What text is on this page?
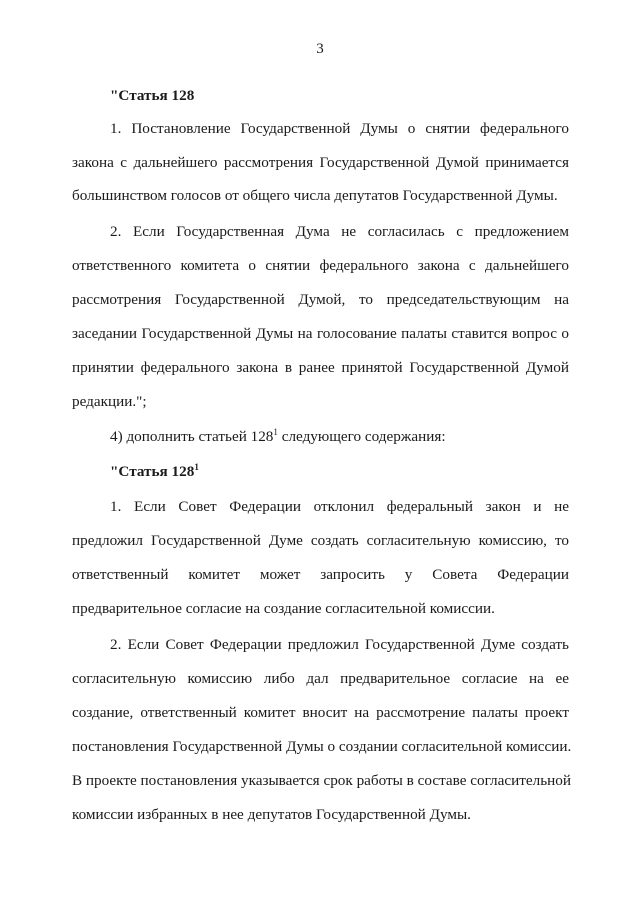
3
"Статья 128
1. Постановление Государственной Думы о снятии федерального
закона с дальнейшего рассмотрения Государственной Думой принимается
большинством голосов от общего числа депутатов Государственной Думы.
2. Если Государственная Дума не согласилась с предложением
ответственного комитета о снятии федерального закона с дальнейшего
рассмотрения Государственной Думой, то председательствующим на
заседании Государственной Думы на голосование палаты ставится вопрос о
принятии федерального закона в ранее принятой Государственной Думой
редакции.";
4) дополнить статьей $128^1$ следующего содержания:
"Статья $128^1$
1. Если Совет Федерации отклонил федеральный закон и не
предложил Государственной Думе создать согласительную комиссию, то
ответственный комитет может запросить у Совета Федерации
предварительное согласие на создание согласительной комиссии.
2. Если Совет Федерации предложил Государственной Думе создать
согласительную комиссию либо дал предварительное согласие на ее
создание, ответственный комитет вносит на рассмотрение палаты проект
постановления Государственной Думы о создании согласительной комиссии.
В проекте постановления указывается срок работы в составе согласительной
комиссии избранных в нее депутатов Государственной Думы.
